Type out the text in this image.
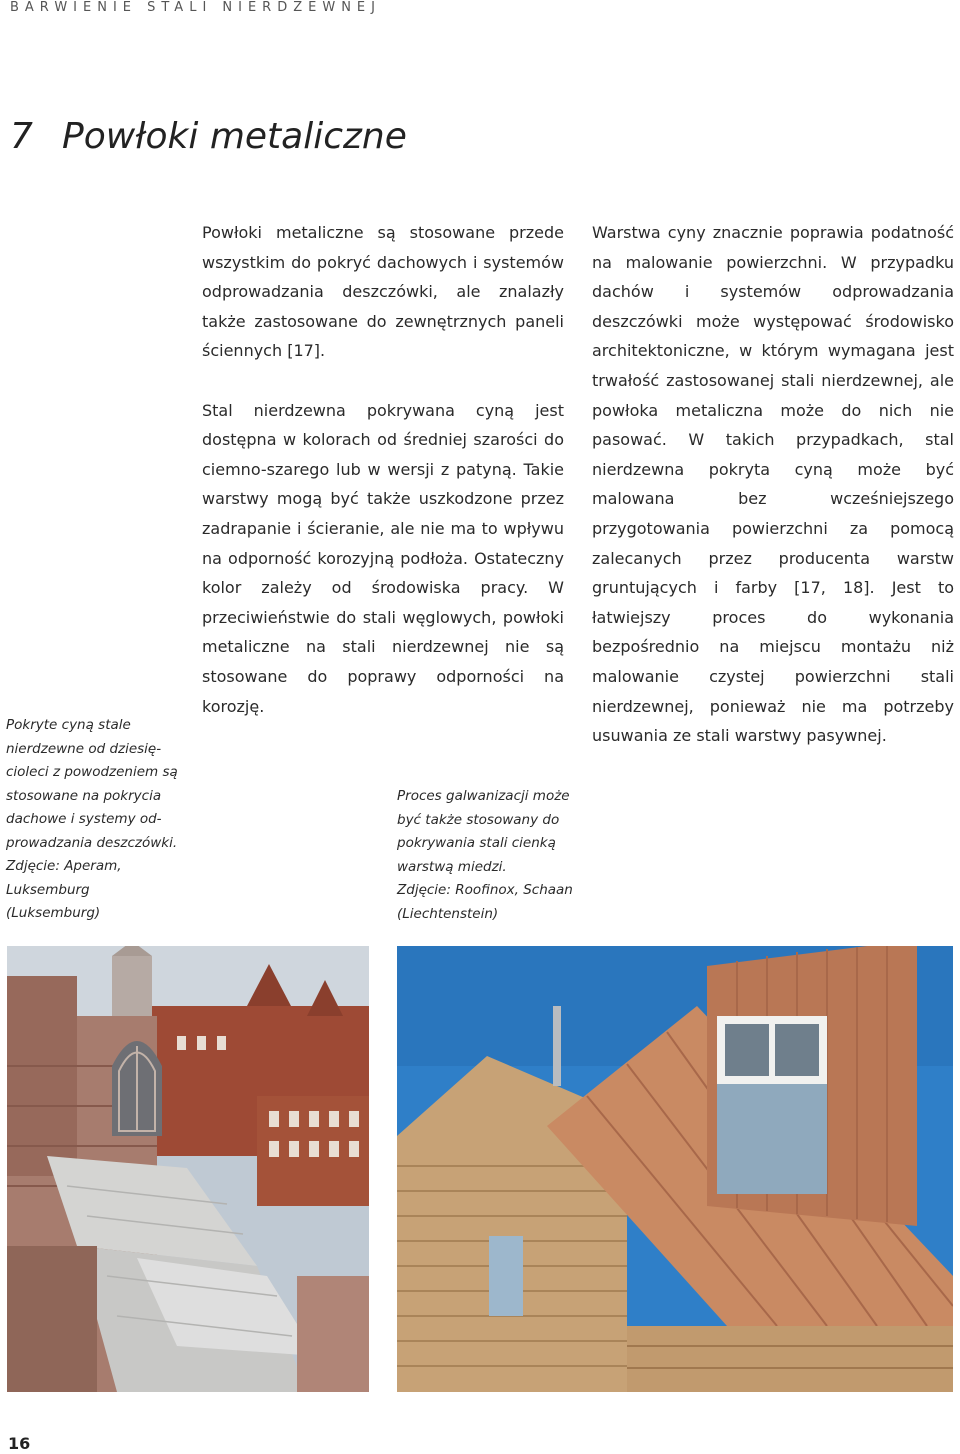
BARWIENIE STALI NIERDZEWNEJ

7 Powłoki metaliczne

Powłoki metaliczne są stosowane przede wszystkim do pokryć dachowych i systemów odprowadzania deszczówki, ale znalazły także zastosowane do zewnętrznych paneli ściennych [17].

Stal nierdzewna pokrywana cyną jest dostępna w kolorach od średniej szarości do ciemno-szarego lub w wersji z patyną. Takie warstwy mogą być także uszkodzone przez zadrapanie i ścieranie, ale nie ma to wpływu na odporność korozyjną podłoża. Ostateczny kolor zależy od środowiska pracy. W przeciwieństwie do stali węglowych, powłoki metaliczne na stali nierdzewnej nie są stosowane do poprawy odporności na korozję.

Warstwa cyny znacznie poprawia podatność na malowanie powierzchni. W przypadku dachów i systemów odprowadzania deszczówki może występować środowisko architektoniczne, w którym wymagana jest trwałość zastosowanej stali nierdzewnej, ale powłoka metaliczna może do nich nie pasować. W takich przypadkach, stal nierdzewna pokryta cyną może być malowana bez wcześniejszego przygotowania powierzchni za pomocą zalecanych przez producenta warstw gruntujących i farby [17, 18]. Jest to łatwiejszy proces do wykonania bezpośrednio na miejscu montażu niż malowanie czystej powierzchni stali nierdzewnej, ponieważ nie ma potrzeby usuwania ze stali warstwy pasywnej.

Pokryte cyną stale
nierdzewne od dziesię-
cioleci z powodzeniem są
stosowane na pokrycia
dachowe i systemy od-
prowadzania deszczówki.
Zdjęcie: Aperam,
Luksemburg
(Luksemburg)
Proces galwanizacji może
być także stosowany do
pokrywania stali cienką
warstwą miedzi.
Zdjęcie: Roofinox, Schaan
(Liechtenstein)

16
